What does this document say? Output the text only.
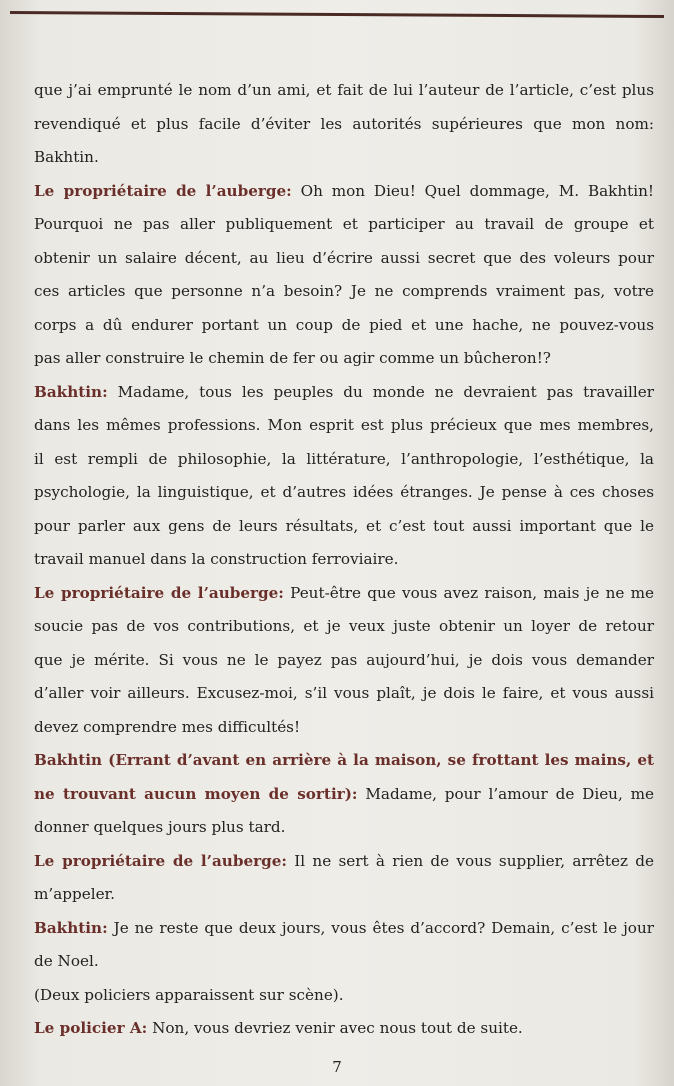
que j’ai emprunté le nom d’un ami, et fait de lui l’auteur de l’article, c’est plus
revendiqué et plus facile d’éviter les autorités supérieures que mon nom:
Bakhtin.
Le propriétaire de l’auberge: Oh mon Dieu! Quel dommage, M. Bakhtin!
Pourquoi ne pas aller publiquement et participer au travail de groupe et
obtenir un salaire décent, au lieu d’écrire aussi secret que des voleurs pour
ces articles que personne n’a besoin? Je ne comprends vraiment pas, votre
corps a dû endurer portant un coup de pied et une hache, ne pouvez-vous
pas aller construire le chemin de fer ou agir comme un bûcheron!?
Bakhtin: Madame, tous les peuples du monde ne devraient pas travailler
dans les mêmes professions. Mon esprit est plus précieux que mes membres,
il est rempli de philosophie, la littérature, l’anthropologie, l’esthétique, la
psychologie, la linguistique, et d’autres idées étranges. Je pense à ces choses
pour parler aux gens de leurs résultats, et c’est tout aussi important que le
travail manuel dans la construction ferroviaire.
Le propriétaire de l’auberge: Peut-être que vous avez raison, mais je ne me
soucie pas de vos contributions, et je veux juste obtenir un loyer de retour
que je mérite. Si vous ne le payez pas aujourd’hui, je dois vous demander
d’aller voir ailleurs. Excusez-moi, s’il vous plaît, je dois le faire, et vous aussi
devez comprendre mes difficultés!
Bakhtin (Errant d’avant en arrière à la maison, se frottant les mains, et
ne trouvant aucun moyen de sortir): Madame, pour l’amour de Dieu, me
donner quelques jours plus tard.
Le propriétaire de l’auberge: Il ne sert à rien de vous supplier, arrêtez de
m’appeler.
Bakhtin: Je ne reste que deux jours, vous êtes d’accord? Demain, c’est le jour
de Noel.
(Deux policiers apparaissent sur scène).
Le policier A: Non, vous devriez venir avec nous tout de suite.
7
